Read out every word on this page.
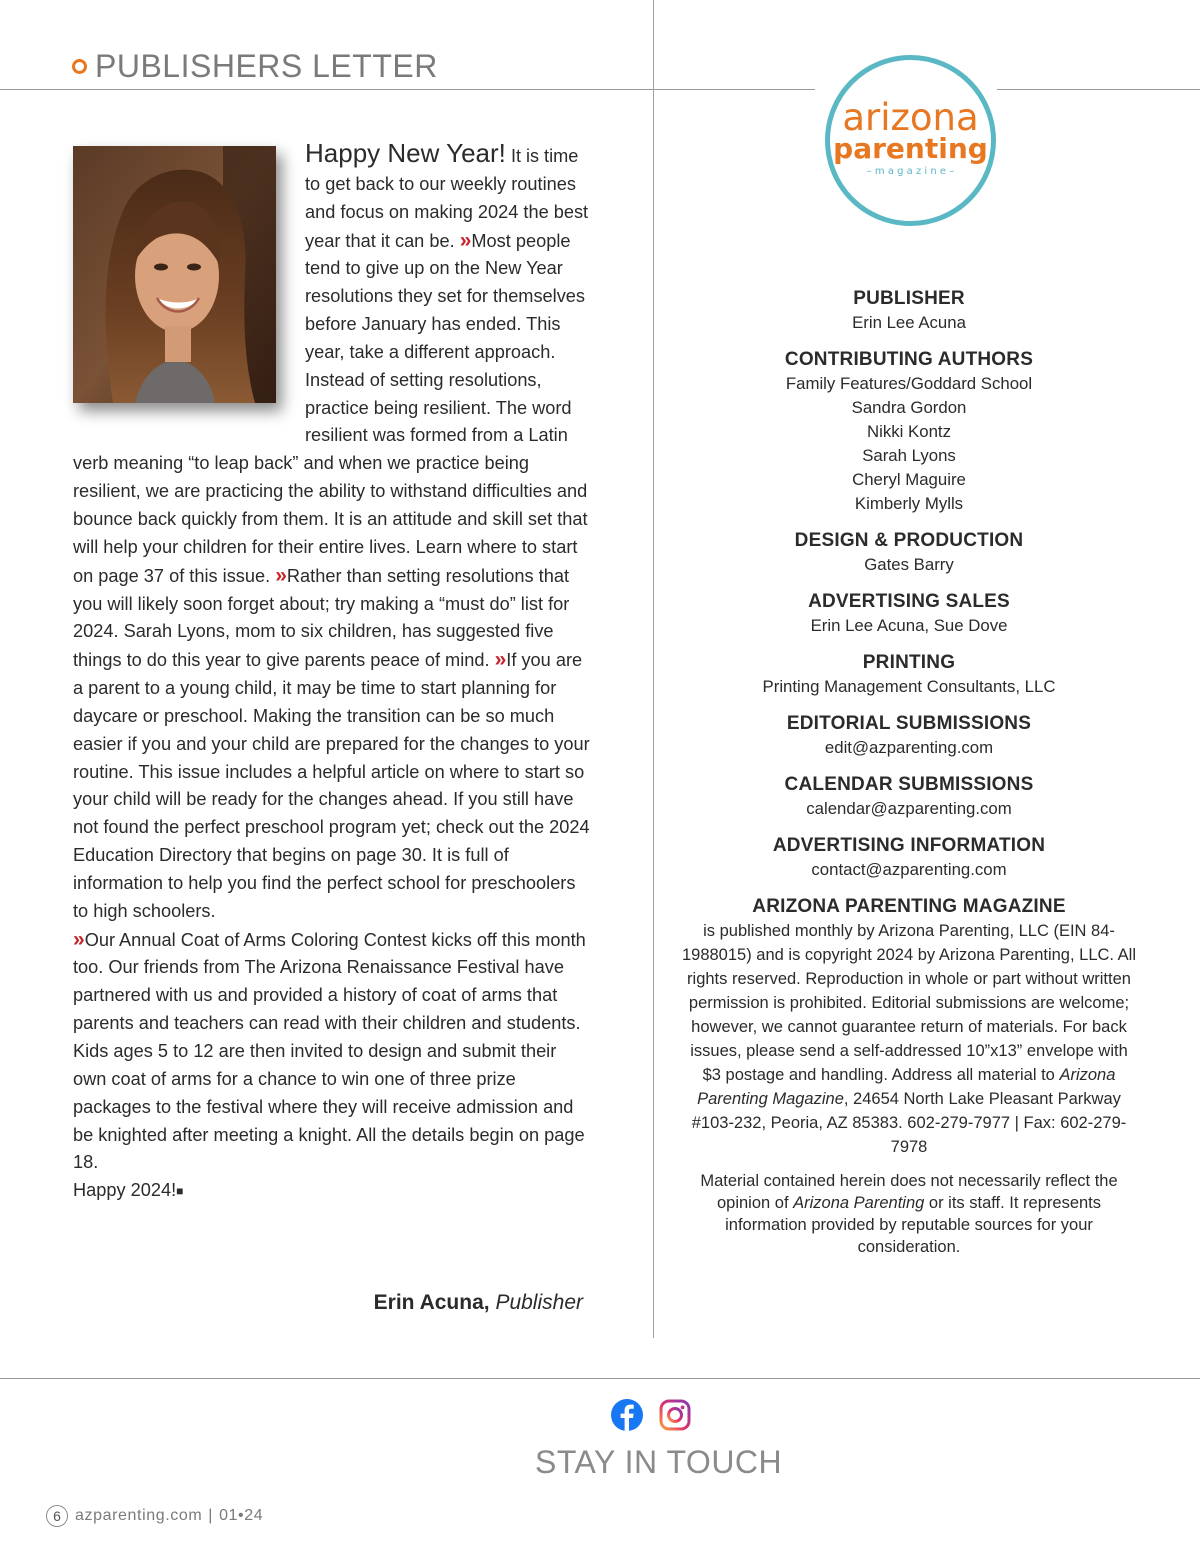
PUBLISHERS LETTER
Happy New Year! It is time to get back to our weekly routines and focus on making 2024 the best year that it can be. »Most people tend to give up on the New Year resolutions they set for themselves before January has ended. This year, take a different approach. Instead of setting resolutions, practice being resilient. The word resilient was formed from a Latin verb meaning “to leap back” and when we practice being resilient, we are practicing the ability to withstand difficulties and bounce back quickly from them. It is an attitude and skill set that will help your children for their entire lives. Learn where to start on page 37 of this issue. »Rather than setting resolutions that you will likely soon forget about; try making a “must do” list for 2024. Sarah Lyons, mom to six children, has suggested five things to do this year to give parents peace of mind. »If you are a parent to a young child, it may be time to start planning for daycare or preschool. Making the transition can be so much easier if you and your child are prepared for the changes to your routine. This issue includes a helpful article on where to start so your child will be ready for the changes ahead. If you still have not found the perfect preschool program yet; check out the 2024 Education Directory that begins on page 30. It is full of information to help you find the perfect school for preschoolers to high schoolers.
»Our Annual Coat of Arms Coloring Contest kicks off this month too. Our friends from The Arizona Renaissance Festival have partnered with us and provided a history of coat of arms that parents and teachers can read with their children and students. Kids ages 5 to 12 are then invited to design and submit their own coat of arms for a chance to win one of three prize packages to the festival where they will receive admission and be knighted after meeting a knight. All the details begin on page 18.
Happy 2024!■
Erin Acuna, Publisher
arizona
parenting
– m a g a z i n e –
PUBLISHER
Erin Lee Acuna
CONTRIBUTING AUTHORS
Family Features/Goddard School
Sandra Gordon
Nikki Kontz
Sarah Lyons
Cheryl Maguire
Kimberly Mylls
DESIGN & PRODUCTION
Gates Barry
ADVERTISING SALES
Erin Lee Acuna, Sue Dove
PRINTING
Printing Management Consultants, LLC
EDITORIAL SUBMISSIONS
edit@azparenting.com
CALENDAR SUBMISSIONS
calendar@azparenting.com
ADVERTISING INFORMATION
contact@azparenting.com
ARIZONA PARENTING MAGAZINE
is published monthly by Arizona Parenting, LLC (EIN 84-1988015) and is copyright 2024 by Arizona Parenting, LLC. All rights reserved. Reproduction in whole or part without written permission is prohibited. Editorial submissions are welcome; however, we cannot guarantee return of materials. For back issues, please send a self-addressed 10”x13” envelope with $3 postage and handling. Address all material to Arizona Parenting Magazine, 24654 North Lake Pleasant Parkway #103-232, Peoria, AZ 85383. 602-279-7977 | Fax: 602-279-7978
Material contained herein does not necessarily reflect the opinion of Arizona Parenting or its staff. It represents information provided by reputable sources for your consideration.
STAY IN TOUCH
6 azparenting.com | 01•24
